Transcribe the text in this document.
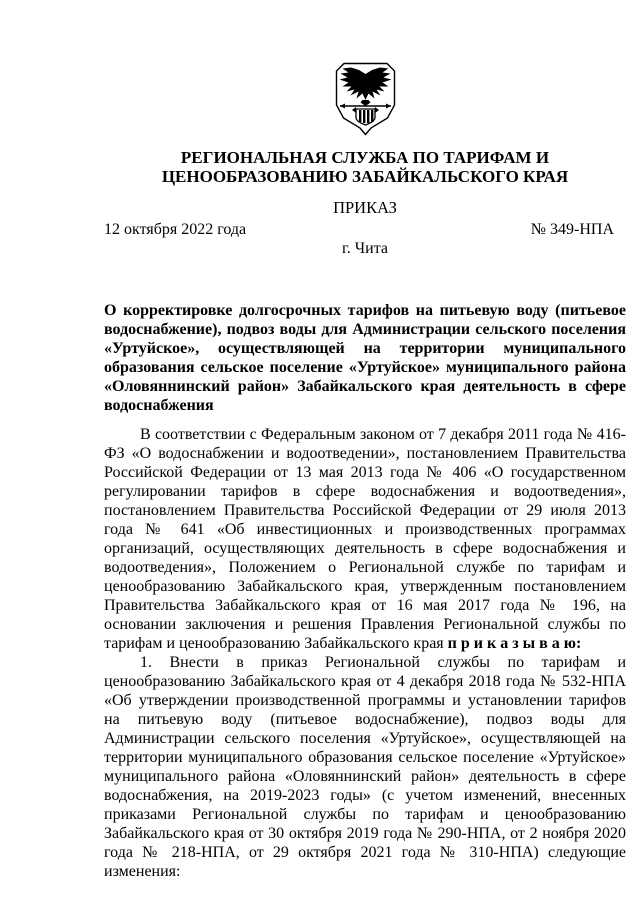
РЕГИОНАЛЬНАЯ СЛУЖБА ПО ТАРИФАМ И
ЦЕНООБРАЗОВАНИЮ ЗАБАЙКАЛЬСКОГО КРАЯ
ПРИКАЗ
12 октября 2022 года	№ 349-НПА
г. Чита

О корректировке долгосрочных тарифов на питьевую воду (питьевое водоснабжение), подвоз воды для Администрации сельского поселения «Уртуйское», осуществляющей на территории муниципального образования сельское поселение «Уртуйское» муниципального района «Оловяннинский район» Забайкальского края деятельность в сфере водоснабжения

В соответствии с Федеральным законом от 7 декабря 2011 года № 416-ФЗ «О водоснабжении и водоотведении», постановлением Правительства Российской Федерации от 13 мая 2013 года № 406 «О государственном регулировании тарифов в сфере водоснабжения и водоотведения», постановлением Правительства Российской Федерации от 29 июля 2013 года № 641 «Об инвестиционных и производственных программах организаций, осуществляющих деятельность в сфере водоснабжения и водоотведения», Положением о Региональной службе по тарифам и ценообразованию Забайкальского края, утвержденным постановлением Правительства Забайкальского края от 16 мая 2017 года № 196, на основании заключения и решения Правления Региональной службы по тарифам и ценообразованию Забайкальского края п р и к а з ы в а ю:

1. Внести в приказ Региональной службы по тарифам и ценообразованию Забайкальского края от 4 декабря 2018 года № 532-НПА «Об утверждении производственной программы и установлении тарифов на питьевую воду (питьевое водоснабжение), подвоз воды для Администрации сельского поселения «Уртуйское», осуществляющей на территории муниципального образования сельское поселение «Уртуйское» муниципального района «Оловяннинский район» деятельность в сфере водоснабжения, на 2019-2023 годы» (с учетом изменений, внесенных приказами Региональной службы по тарифам и ценообразованию Забайкальского края от 30 октября 2019 года № 290-НПА, от 2 ноября 2020 года № 218-НПА, от 29 октября 2021 года № 310-НПА) следующие изменения:
